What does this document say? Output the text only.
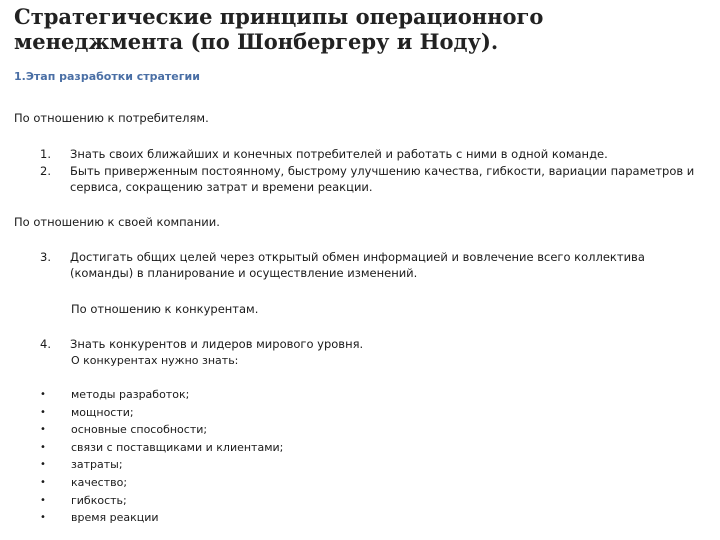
Стратегические принципы операционного менеджмента (по Шонбергеру и Ноду).
1.Этап разработки стратегии
По отношению к потребителям.
1.	Знать своих ближайших и конечных потребителей и работать с ними в одной команде.
2.	Быть приверженным постоянному, быстрому улучшению качества, гибкости, вариации параметров и сервиса, сокращению затрат и времени реакции.
По отношению к своей компании.
3.	Достигать общих целей через открытый обмен информацией и вовлечение всего коллектива (команды) в планирование и осуществление изменений.
По отношению к конкурентам.
4.	Знать конкурентов и лидеров мирового уровня.
О конкурентах нужно знать:
•	методы разработок;
•	мощности;
•	основные способности;
•	связи с поставщиками и клиентами;
•	затраты;
•	качество;
•	гибкость;
•	время реакции
